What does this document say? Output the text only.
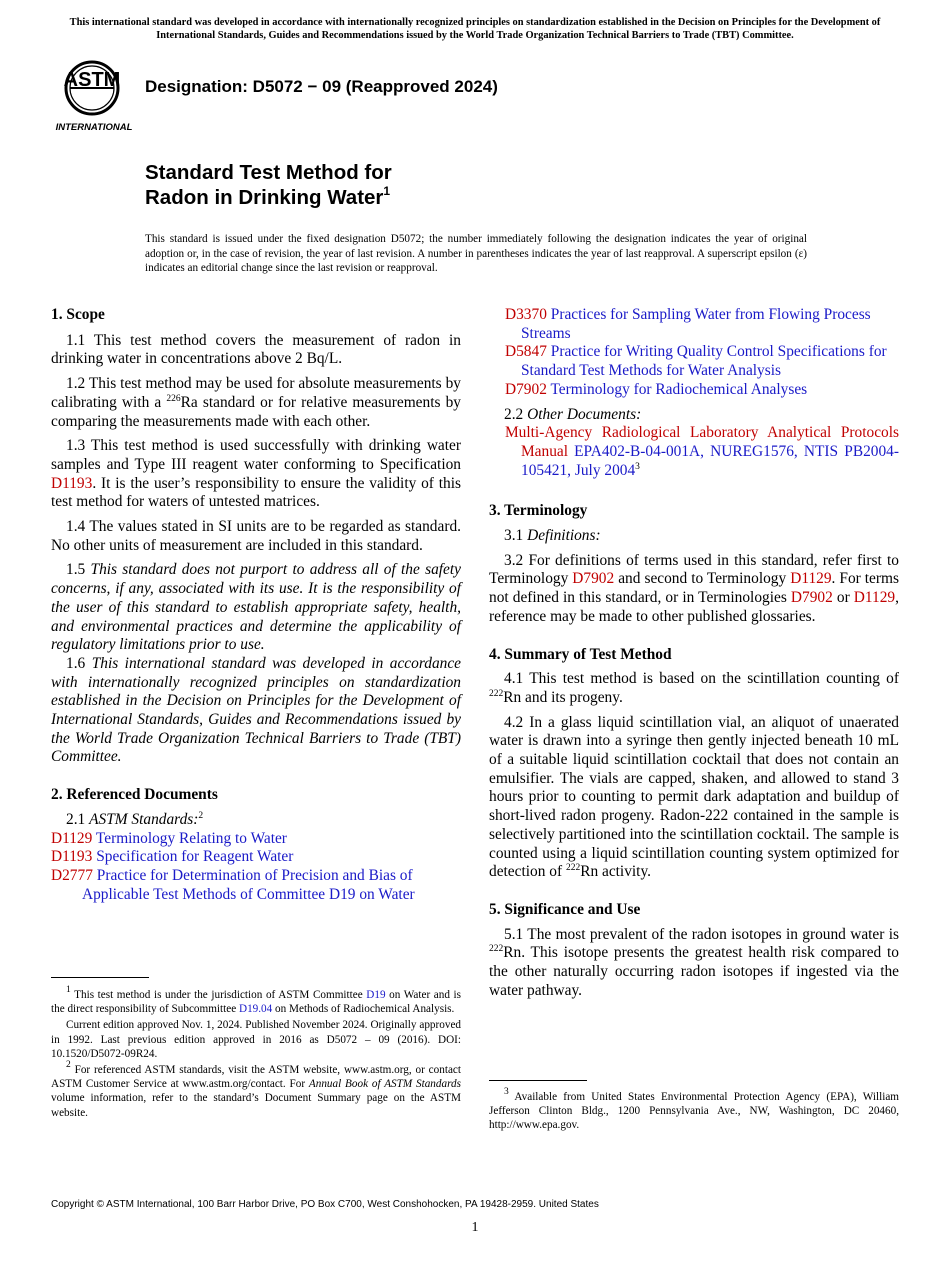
This international standard was developed in accordance with internationally recognized principles on standardization established in the Decision on Principles for the Development of International Standards, Guides and Recommendations issued by the World Trade Organization Technical Barriers to Trade (TBT) Committee.
ASTM
INTERNATIONAL
Designation: D5072 − 09 (Reapproved 2024)
Standard Test Method for
Radon in Drinking Water$^1$
This standard is issued under the fixed designation D5072; the number immediately following the designation indicates the year of original adoption or, in the case of revision, the year of last revision. A number in parentheses indicates the year of last reapproval. A superscript epsilon (ε) indicates an editorial change since the last revision or reapproval.
1. Scope

1.1 This test method covers the measurement of radon in drinking water in concentrations above 2 Bq/L.

1.2 This test method may be used for absolute measurements by calibrating with a $^{226}$Ra standard or for relative measurements by comparing the measurements made with each other.

1.3 This test method is used successfully with drinking water samples and Type III reagent water conforming to Specification D1193. It is the user’s responsibility to ensure the validity of this test method for waters of untested matrices.

1.4 The values stated in SI units are to be regarded as standard. No other units of measurement are included in this standard.

1.5 This standard does not purport to address all of the safety concerns, if any, associated with its use. It is the responsibility of the user of this standard to establish appropriate safety, health, and environmental practices and determine the applicability of regulatory limitations prior to use.

1.6 This international standard was developed in accordance with internationally recognized principles on standardization established in the Decision on Principles for the Development of International Standards, Guides and Recommendations issued by the World Trade Organization Technical Barriers to Trade (TBT) Committee.

2. Referenced Documents

2.1 ASTM Standards:$^2$

D1129 Terminology Relating to Water

D1193 Specification for Reagent Water

D2777 Practice for Determination of Precision and Bias of Applicable Test Methods of Committee D19 on Water

$^1$ This test method is under the jurisdiction of ASTM Committee D19 on Water and is the direct responsibility of Subcommittee D19.04 on Methods of Radiochemical Analysis.

Current edition approved Nov. 1, 2024. Published November 2024. Originally approved in 1992. Last previous edition approved in 2016 as D5072 – 09 (2016). DOI: 10.1520/D5072-09R24.

$^2$ For referenced ASTM standards, visit the ASTM website, www.astm.org, or contact ASTM Customer Service at www.astm.org/contact. For Annual Book of ASTM Standards volume information, refer to the standard’s Document Summary page on the ASTM website.

D3370 Practices for Sampling Water from Flowing Process Streams

D5847 Practice for Writing Quality Control Specifications for Standard Test Methods for Water Analysis

D7902 Terminology for Radiochemical Analyses

2.2 Other Documents:

Multi-Agency Radiological Laboratory Analytical Protocols Manual EPA402-B-04-001A, NUREG1576, NTIS PB2004-105421, July 2004$^3$

3. Terminology

3.1 Definitions:

3.2 For definitions of terms used in this standard, refer first to Terminology D7902 and second to Terminology D1129. For terms not defined in this standard, or in Terminologies D7902 or D1129, reference may be made to other published glossaries.

4. Summary of Test Method

4.1 This test method is based on the scintillation counting of $^{222}$Rn and its progeny.

4.2 In a glass liquid scintillation vial, an aliquot of unaerated water is drawn into a syringe then gently injected beneath 10 mL of a suitable liquid scintillation cocktail that does not contain an emulsifier. The vials are capped, shaken, and allowed to stand 3 hours prior to counting to permit dark adaptation and buildup of short-lived radon progeny. Radon-222 contained in the sample is selectively partitioned into the scintillation cocktail. The sample is counted using a liquid scintillation counting system optimized for detection of $^{222}$Rn activity.

5. Significance and Use

5.1 The most prevalent of the radon isotopes in ground water is $^{222}$Rn. This isotope presents the greatest health risk compared to the other naturally occurring radon isotopes if ingested via the water pathway.

$^3$ Available from United States Environmental Protection Agency (EPA), William Jefferson Clinton Bldg., 1200 Pennsylvania Ave., NW, Washington, DC 20460, http://www.epa.gov.

Copyright © ASTM International, 100 Barr Harbor Drive, PO Box C700, West Conshohocken, PA 19428-2959. United States
1
